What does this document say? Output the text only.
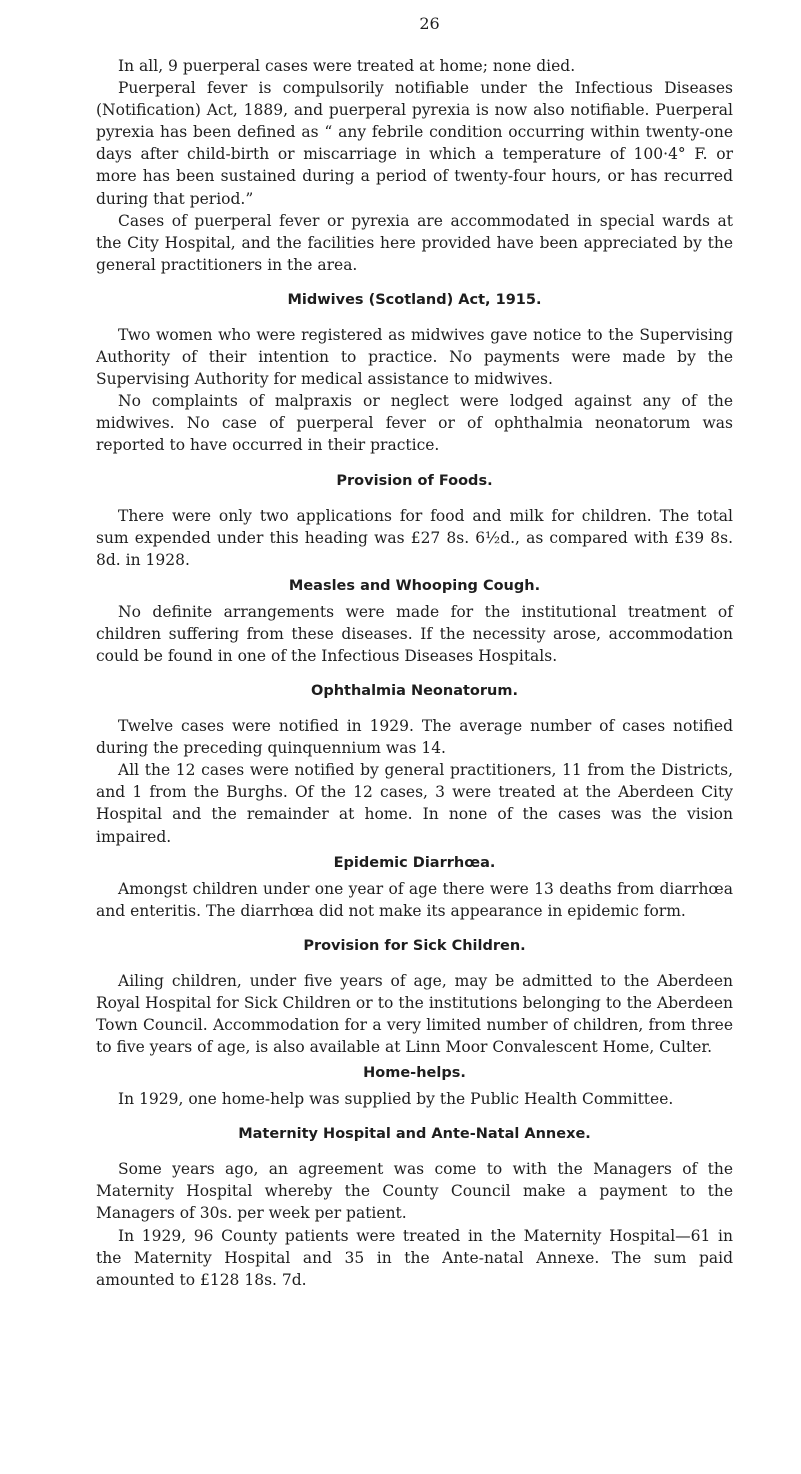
26

In all, 9 puerperal cases were treated at home; none died.

Puerperal fever is compulsorily notifiable under the Infectious Diseases (Notification) Act, 1889, and puerperal pyrexia is now also notifiable. Puerperal pyrexia has been defined as “ any febrile condition occurring within twenty-one days after child-birth or miscarriage in which a temperature of 100·4° F. or more has been sustained during a period of twenty-four hours, or has recurred during that period.”

Cases of puerperal fever or pyrexia are accommodated in special wards at the City Hospital, and the facilities here provided have been appreciated by the general practitioners in the area.

Midwives (Scotland) Act, 1915.

Two women who were registered as midwives gave notice to the Supervising Authority of their intention to practice. No payments were made by the Supervising Authority for medical assistance to midwives.

No complaints of malpraxis or neglect were lodged against any of the midwives. No case of puerperal fever or of ophthalmia neonatorum was reported to have occurred in their practice.

Provision of Foods.

There were only two applications for food and milk for children. The total sum expended under this heading was £27 8s. 6½d., as compared with £39 8s. 8d. in 1928.

Measles and Whooping Cough.

No definite arrangements were made for the institutional treatment of children suffering from these diseases. If the necessity arose, accommodation could be found in one of the Infectious Diseases Hospitals.

Ophthalmia Neonatorum.

Twelve cases were notified in 1929. The average number of cases notified during the preceding quinquennium was 14.

All the 12 cases were notified by general practitioners, 11 from the Districts, and 1 from the Burghs. Of the 12 cases, 3 were treated at the Aberdeen City Hospital and the remainder at home. In none of the cases was the vision impaired.

Epidemic Diarrhœa.

Amongst children under one year of age there were 13 deaths from diarrhœa and enteritis. The diarrhœa did not make its appearance in epidemic form.

Provision for Sick Children.

Ailing children, under five years of age, may be admitted to the Aberdeen Royal Hospital for Sick Children or to the institutions belonging to the Aberdeen Town Council. Accommodation for a very limited number of children, from three to five years of age, is also available at Linn Moor Convalescent Home, Culter.

Home-helps.

In 1929, one home-help was supplied by the Public Health Committee.

Maternity Hospital and Ante-Natal Annexe.

Some years ago, an agreement was come to with the Managers of the Maternity Hospital whereby the County Council make a payment to the Managers of 30s. per week per patient.

In 1929, 96 County patients were treated in the Maternity Hospital—61 in the Maternity Hospital and 35 in the Ante-natal Annexe. The sum paid amounted to £128 18s. 7d.
